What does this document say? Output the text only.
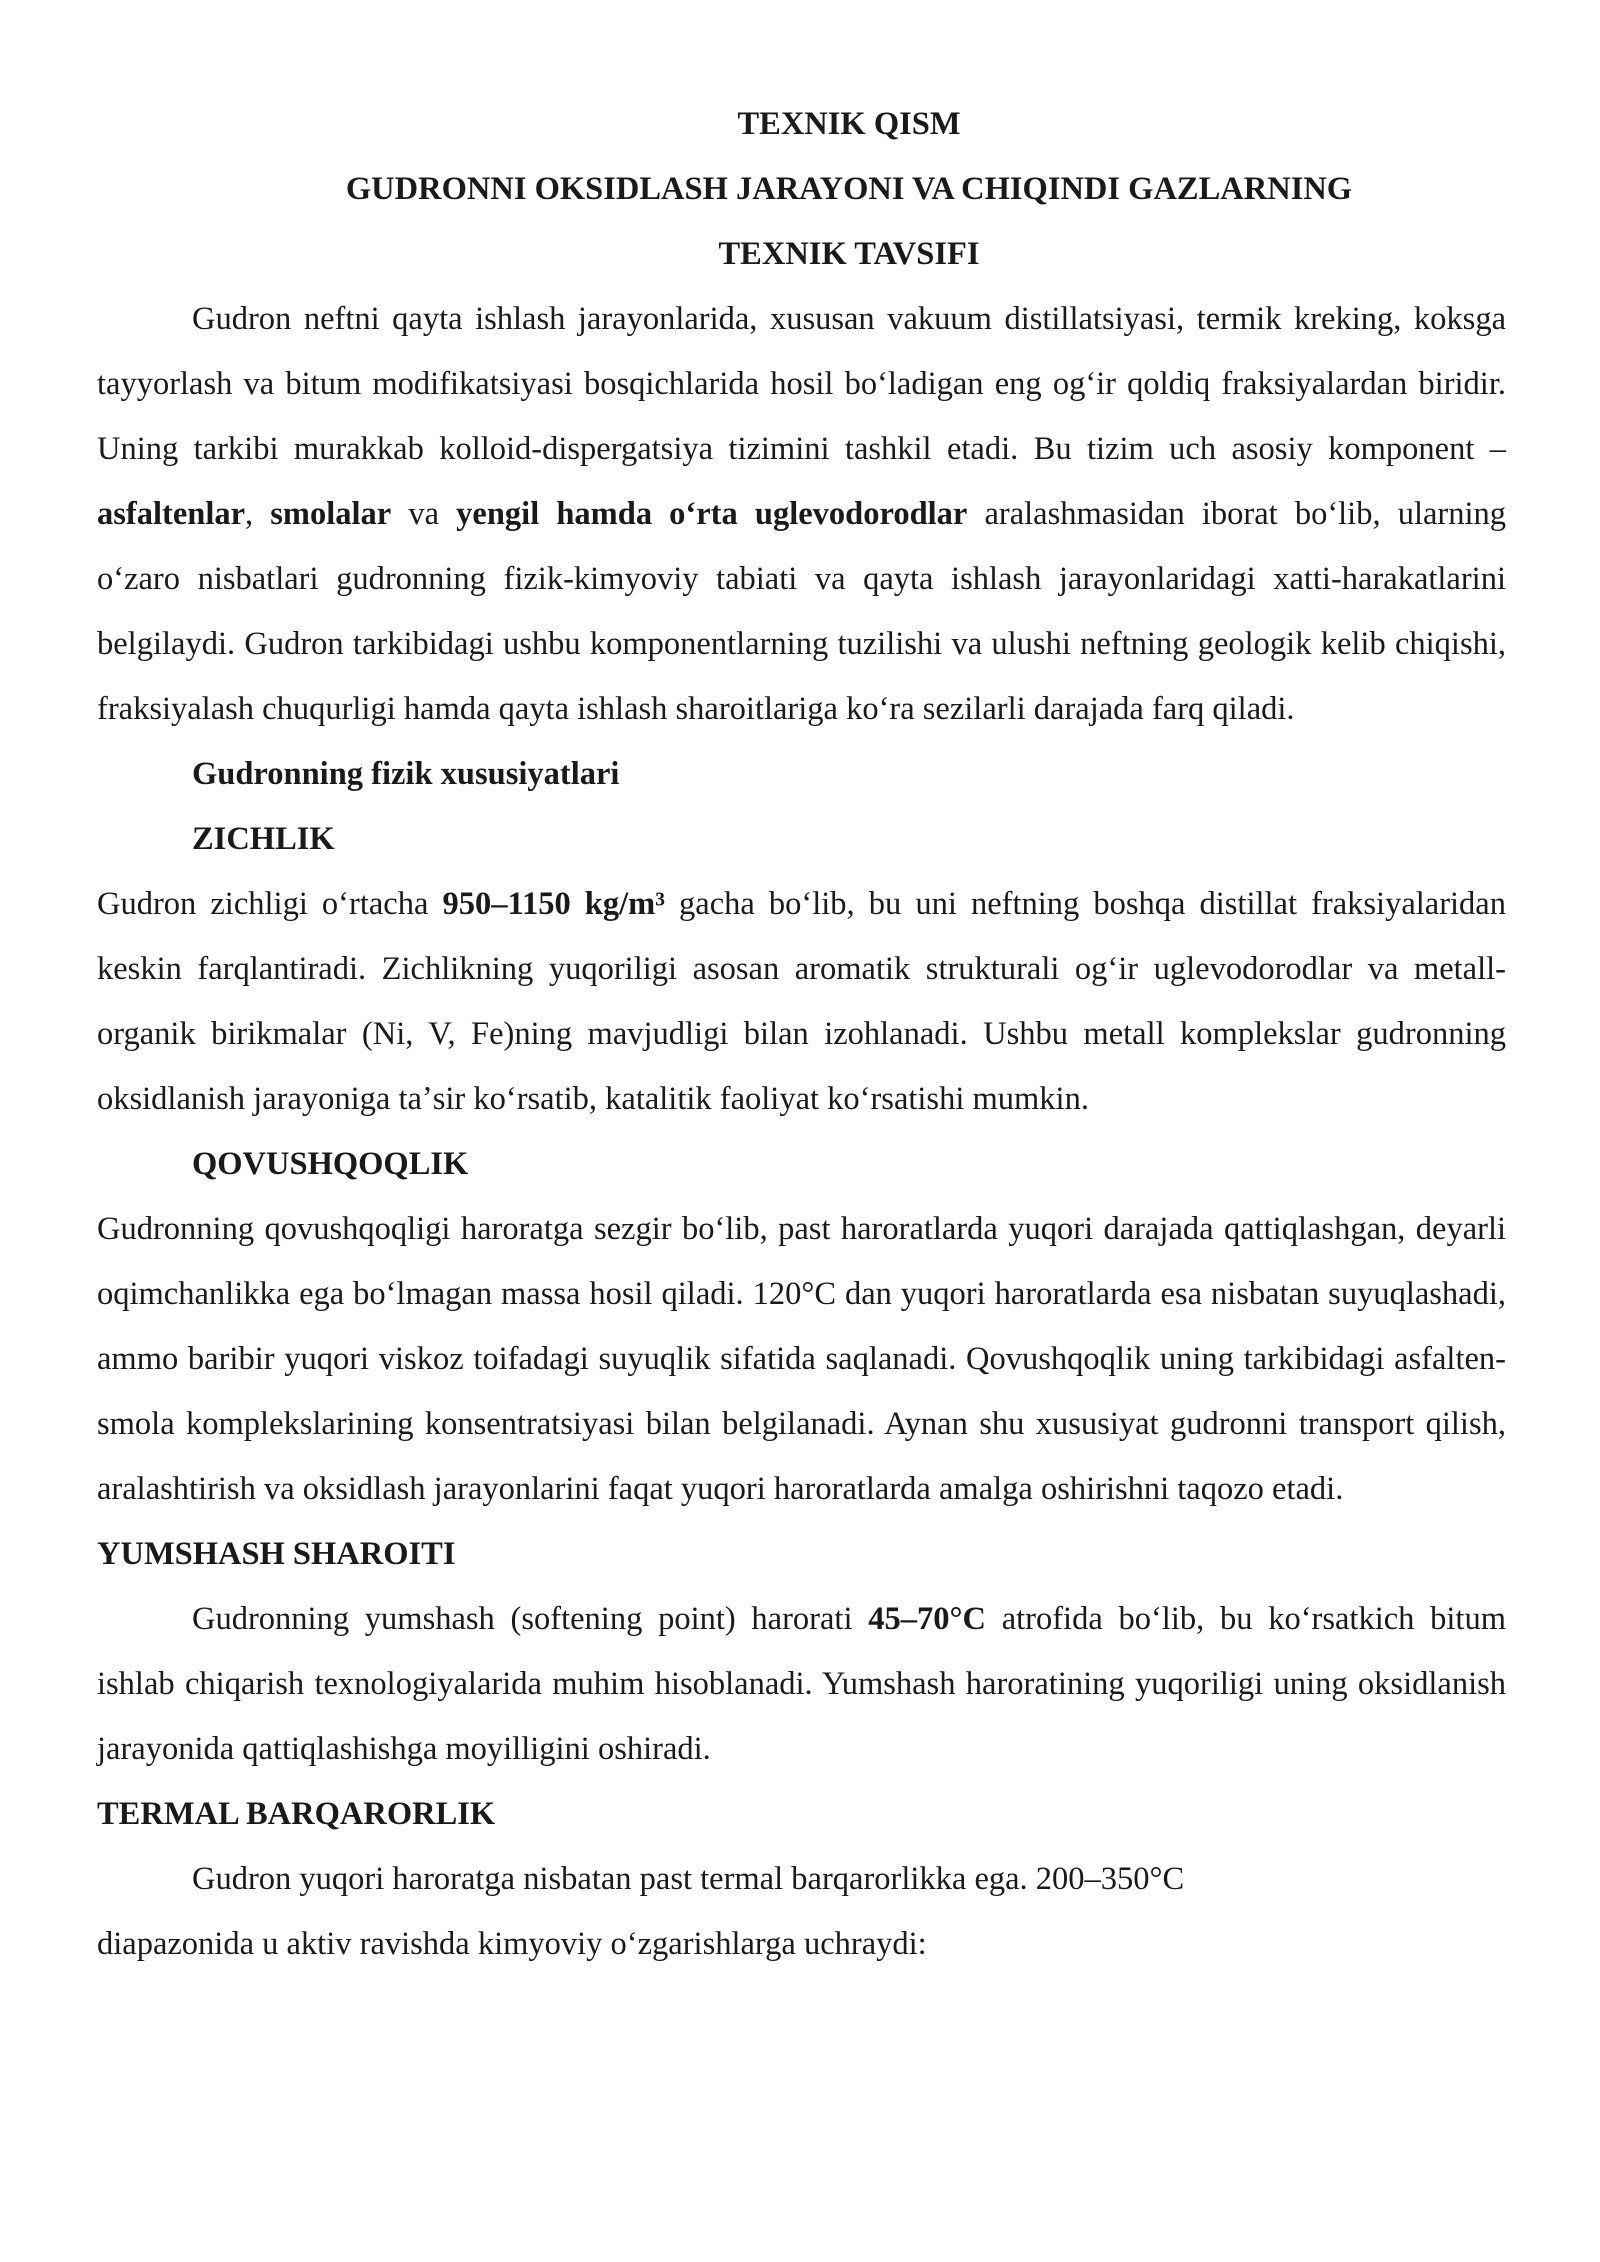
TEXNIK QISM
GUDRONNI OKSIDLASH JARAYONI VA CHIQINDI GAZLARNING
TEXNIK TAVSIFI

Gudron neftni qayta ishlash jarayonlarida, xususan vakuum distillatsiyasi, termik kreking, koksga tayyorlash va bitum modifikatsiyasi bosqichlarida hosil boʻladigan eng ogʻir qoldiq fraksiyalardan biridir. Uning tarkibi murakkab kolloid-dispergatsiya tizimini tashkil etadi. Bu tizim uch asosiy komponent – asfaltenlar, smolalar va yengil hamda oʻrta uglevodorodlar aralashmasidan iborat boʻlib, ularning oʻzaro nisbatlari gudronning fizik-kimyoviy tabiati va qayta ishlash jarayonlaridagi xatti-harakatlarini belgilaydi. Gudron tarkibidagi ushbu komponentlarning tuzilishi va ulushi neftning geologik kelib chiqishi, fraksiyalash chuqurligi hamda qayta ishlash sharoitlariga koʻra sezilarli darajada farq qiladi.

Gudronning fizik xususiyatlari
ZICHLIK

Gudron zichligi oʻrtacha 950–1150 kg/m³ gacha boʻlib, bu uni neftning boshqa distillat fraksiyalaridan keskin farqlantiradi. Zichlikning yuqoriligi asosan aromatik strukturali ogʻir uglevodorodlar va metall-organik birikmalar (Ni, V, Fe)ning mavjudligi bilan izohlanadi. Ushbu metall komplekslar gudronning oksidlanish jarayoniga taʼsir koʻrsatib, katalitik faoliyat koʻrsatishi mumkin.

QOVUSHQOQLIK

Gudronning qovushqoqligi haroratga sezgir boʻlib, past haroratlarda yuqori darajada qattiqlashgan, deyarli oqimchanlikka ega boʻlmagan massa hosil qiladi. 120°C dan yuqori haroratlarda esa nisbatan suyuqlashadi, ammo baribir yuqori viskoz toifadagi suyuqlik sifatida saqlanadi. Qovushqoqlik uning tarkibidagi asfalten-smola komplekslarining konsentratsiyasi bilan belgilanadi. Aynan shu xususiyat gudronni transport qilish, aralashtirish va oksidlash jarayonlarini faqat yuqori haroratlarda amalga oshirishni taqozo etadi.

YUMSHASH SHAROITI

Gudronning yumshash (softening point) harorati 45–70°C atrofida boʻlib, bu koʻrsatkich bitum ishlab chiqarish texnologiyalarida muhim hisoblanadi. Yumshash haroratining yuqoriligi uning oksidlanish jarayonida qattiqlashishga moyilligini oshiradi.

TERMAL BARQARORLIK
Gudron yuqori haroratga nisbatan past termal barqarorlikka ega. 200–350°C
diapazonida u aktiv ravishda kimyoviy oʻzgarishlarga uchraydi:
